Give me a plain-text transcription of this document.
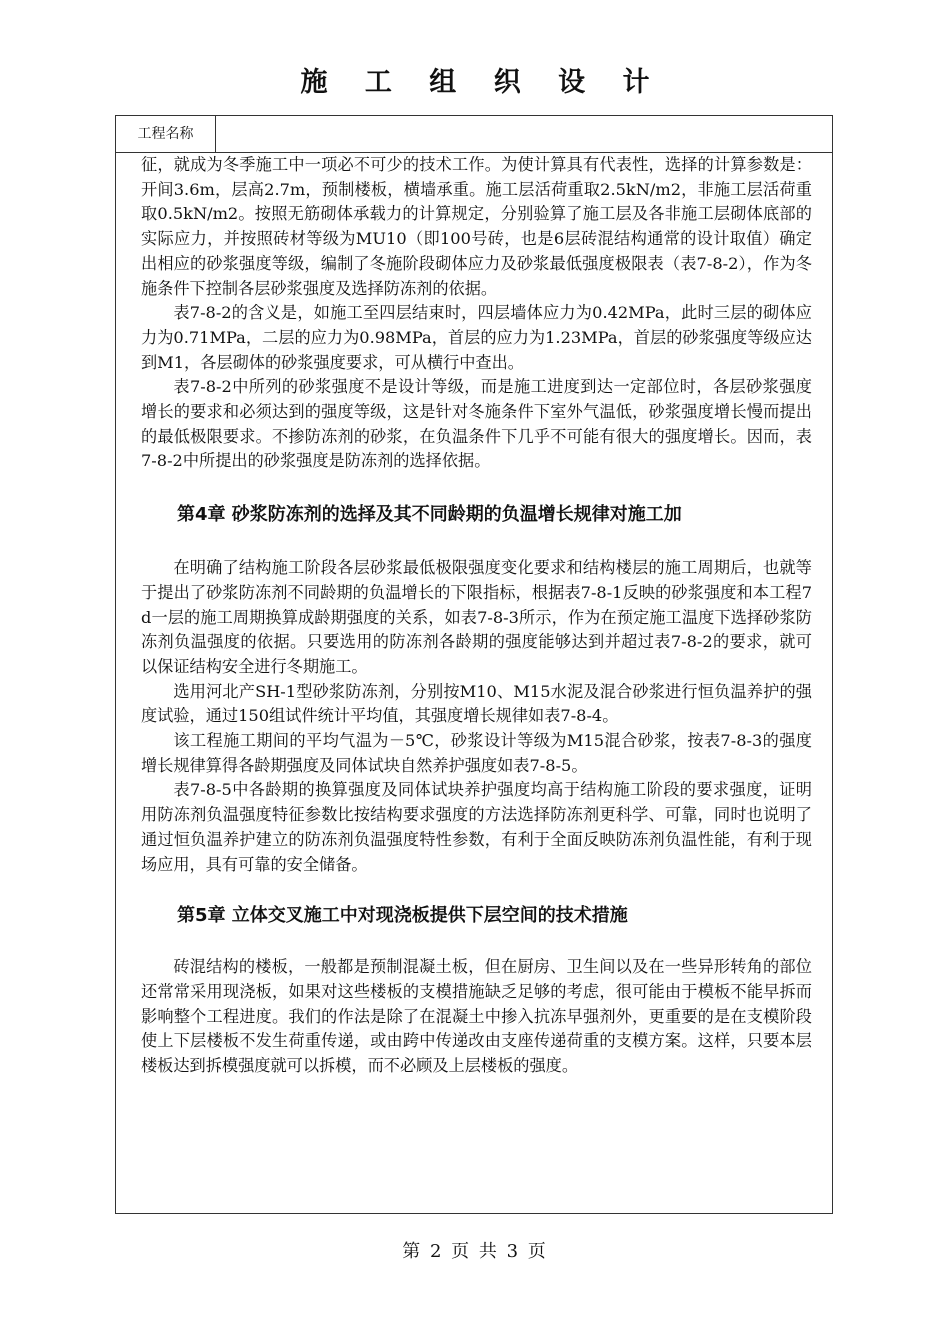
施 工 组 织 设 计
工程名称

征，就成为冬季施工中一项必不可少的技术工作。为使计算具有代表性，选择的计算参数是：开间3.6m，层高2.7m，预制楼板，横墙承重。施工层活荷重取2.5kN/m2，非施工层活荷重取0.5kN/m2。按照无筋砌体承载力的计算规定，分别验算了施工层及各非施工层砌体底部的实际应力，并按照砖材等级为MU10（即100号砖，也是6层砖混结构通常的设计取值）确定出相应的砂浆强度等级，编制了冬施阶段砌体应力及砂浆最低强度极限表（表7-8-2），作为冬施条件下控制各层砂浆强度及选择防冻剂的依据。

表7-8-2的含义是，如施工至四层结束时，四层墙体应力为0.42MPa，此时三层的砌体应力为0.71MPa，二层的应力为0.98MPa，首层的应力为1.23MPa，首层的砂浆强度等级应达到M1，各层砌体的砂浆强度要求，可从横行中查出。

表7-8-2中所列的砂浆强度不是设计等级，而是施工进度到达一定部位时，各层砂浆强度增长的要求和必须达到的强度等级，这是针对冬施条件下室外气温低，砂浆强度增长慢而提出的最低极限要求。不掺防冻剂的砂浆，在负温条件下几乎不可能有很大的强度增长。因而，表7-8-2中所提出的砂浆强度是防冻剂的选择依据。

第4章 砂浆防冻剂的选择及其不同龄期的负温增长规律对施工加

在明确了结构施工阶段各层砂浆最低极限强度变化要求和结构楼层的施工周期后，也就等于提出了砂浆防冻剂不同龄期的负温增长的下限指标，根据表7-8-1反映的砂浆强度和本工程7d一层的施工周期换算成龄期强度的关系，如表7-8-3所示，作为在预定施工温度下选择砂浆防冻剂负温强度的依据。只要选用的防冻剂各龄期的强度能够达到并超过表7-8-2的要求，就可以保证结构安全进行冬期施工。

选用河北产SH-1型砂浆防冻剂，分别按M10、M15水泥及混合砂浆进行恒负温养护的强度试验，通过150组试件统计平均值，其强度增长规律如表7-8-4。

该工程施工期间的平均气温为－5℃，砂浆设计等级为M15混合砂浆，按表7-8-3的强度增长规律算得各龄期强度及同体试块自然养护强度如表7-8-5。

表7-8-5中各龄期的换算强度及同体试块养护强度均高于结构施工阶段的要求强度，证明用防冻剂负温强度特征参数比按结构要求强度的方法选择防冻剂更科学、可靠，同时也说明了通过恒负温养护建立的防冻剂负温强度特性参数，有利于全面反映防冻剂负温性能，有利于现场应用，具有可靠的安全储备。

第5章 立体交叉施工中对现浇板提供下层空间的技术措施

砖混结构的楼板，一般都是预制混凝土板，但在厨房、卫生间以及在一些异形转角的部位还常常采用现浇板，如果对这些楼板的支模措施缺乏足够的考虑，很可能由于模板不能早拆而影响整个工程进度。我们的作法是除了在混凝土中掺入抗冻早强剂外，更重要的是在支模阶段使上下层楼板不发生荷重传递，或由跨中传递改由支座传递荷重的支模方案。这样，只要本层楼板达到拆模强度就可以拆模，而不必顾及上层楼板的强度。

第 2 页 共 3 页
